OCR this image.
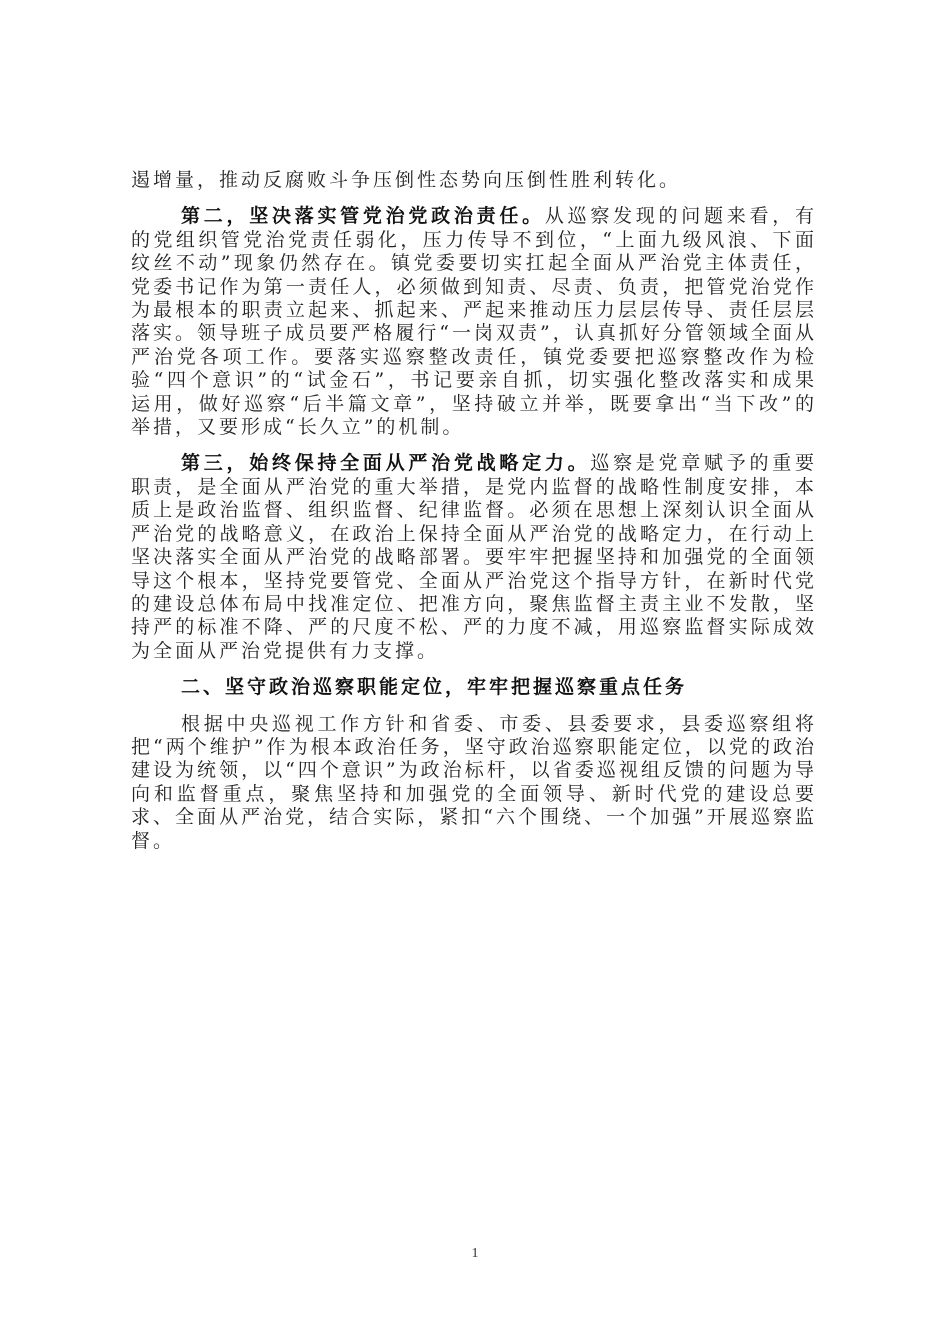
遏增量，推动反腐败斗争压倒性态势向压倒性胜利转化。

第二，坚决落实管党治党政治责任。从巡察发现的问题来看，有的党组织管党治党责任弱化，压力传导不到位，“上面九级风浪、下面纹丝不动”现象仍然存在。镇党委要切实扛起全面从严治党主体责任，党委书记作为第一责任人，必须做到知责、尽责、负责，把管党治党作为最根本的职责立起来、抓起来、严起来推动压力层层传导、责任层层落实。领导班子成员要严格履行“一岗双责”，认真抓好分管领域全面从严治党各项工作。要落实巡察整改责任，镇党委要把巡察整改作为检验“四个意识”的“试金石”，书记要亲自抓，切实强化整改落实和成果运用，做好巡察“后半篇文章”，坚持破立并举，既要拿出“当下改”的举措，又要形成“长久立”的机制。

第三，始终保持全面从严治党战略定力。巡察是党章赋予的重要职责，是全面从严治党的重大举措，是党内监督的战略性制度安排，本质上是政治监督、组织监督、纪律监督。必须在思想上深刻认识全面从严治党的战略意义，在政治上保持全面从严治党的战略定力，在行动上坚决落实全面从严治党的战略部署。要牢牢把握坚持和加强党的全面领导这个根本，坚持党要管党、全面从严治党这个指导方针，在新时代党的建设总体布局中找准定位、把准方向，聚焦监督主责主业不发散，坚持严的标准不降、严的尺度不松、严的力度不减，用巡察监督实际成效为全面从严治党提供有力支撑。

二、坚守政治巡察职能定位，牢牢把握巡察重点任务

根据中央巡视工作方针和省委、市委、县委要求，县委巡察组将把“两个维护”作为根本政治任务，坚守政治巡察职能定位，以党的政治建设为统领，以“四个意识”为政治标杆，以省委巡视组反馈的问题为导向和监督重点，聚焦坚持和加强党的全面领导、新时代党的建设总要求、全面从严治党，结合实际，紧扣“六个围绕、一个加强”开展巡察监督。

1
